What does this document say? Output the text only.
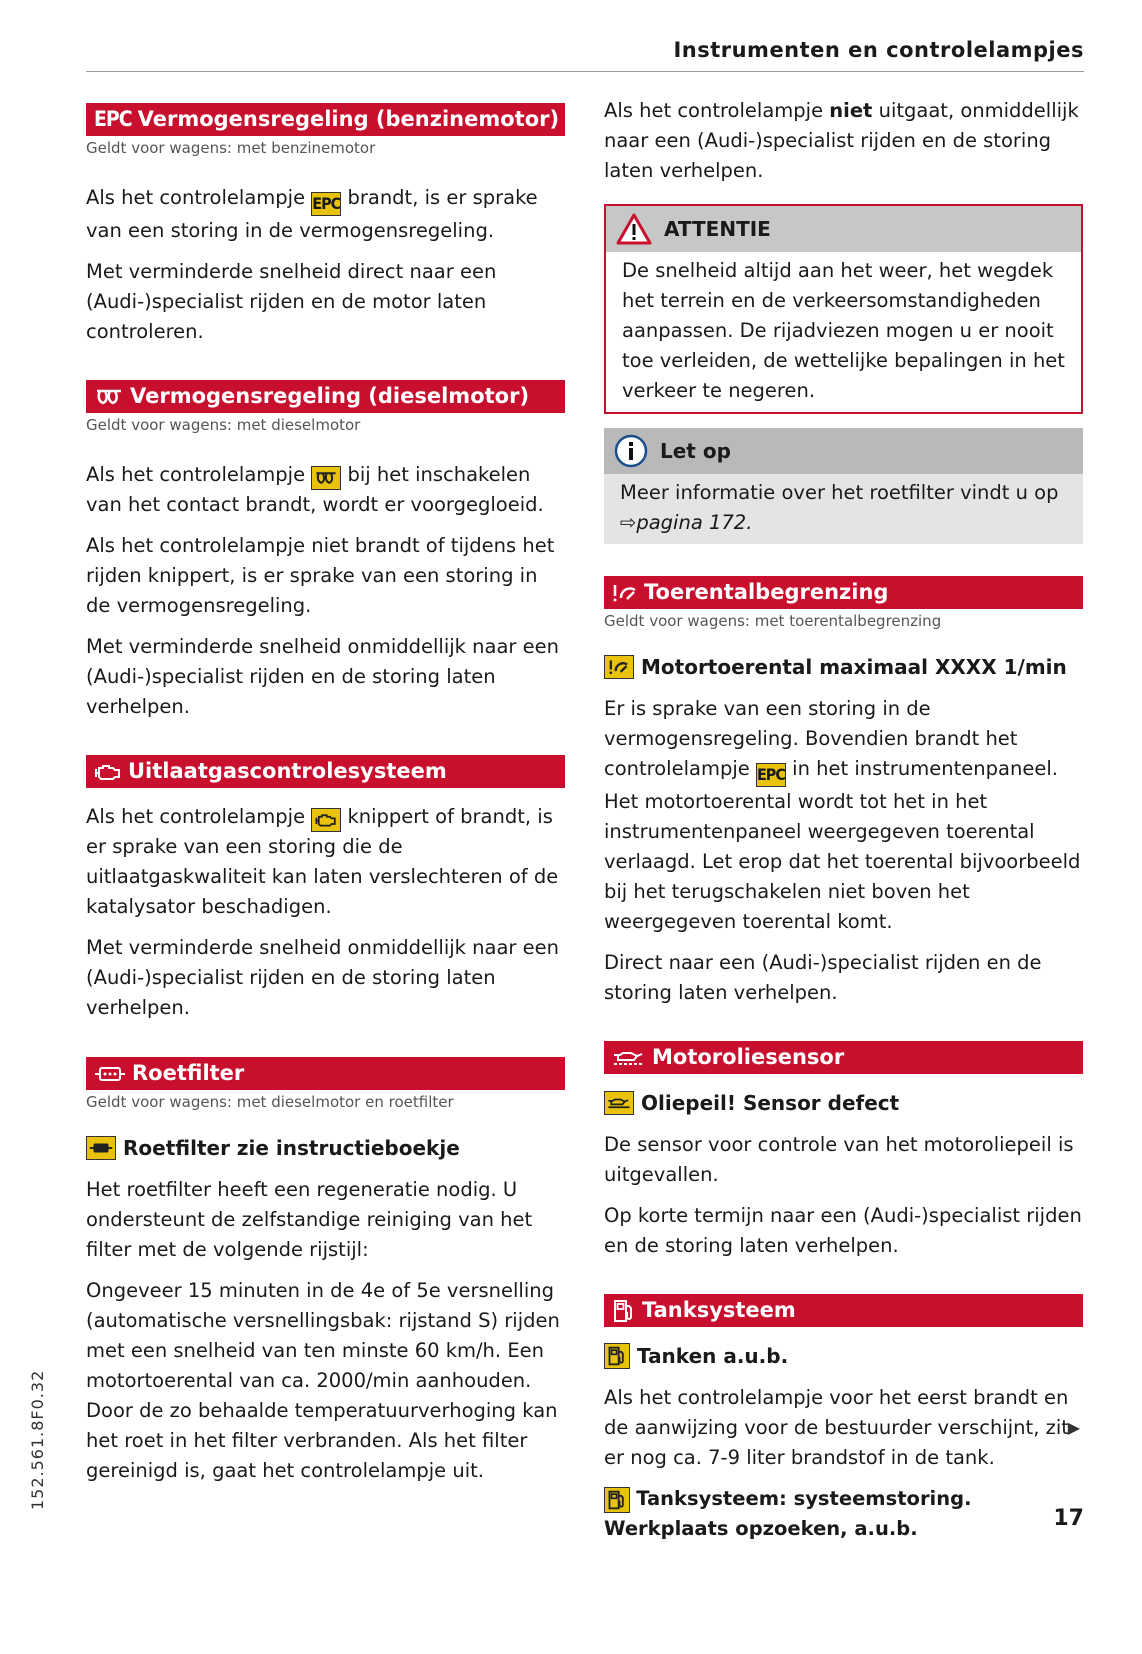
Instrumenten en controlelampjes
EPC Vermogensregeling (benzinemotor)
Geldt voor wagens: met benzinemotor

Als het controlelampje EPC brandt, is er sprake van een storing in de vermogensregeling.

Met verminderde snelheid direct naar een (Audi-)specialist rijden en de motor laten controleren.

Vermogensregeling (dieselmotor)
Geldt voor wagens: met dieselmotor

Als het controlelampje bij het inschakelen van het contact brandt, wordt er voorgegloeid.

Als het controlelampje niet brandt of tijdens het rijden knippert, is er sprake van een storing in de vermogensregeling.

Met verminderde snelheid onmiddellijk naar een (Audi-)specialist rijden en de storing laten verhelpen.

Uitlaatgascontrolesysteem

Als het controlelampje knippert of brandt, is er sprake van een storing die de uitlaatgaskwaliteit kan laten verslechteren of de katalysator beschadigen.

Met verminderde snelheid onmiddellijk naar een (Audi-)specialist rijden en de storing laten verhelpen.

Roetfilter
Geldt voor wagens: met dieselmotor en roetfilter
Roetfilter zie instructieboekje

Het roetfilter heeft een regeneratie nodig. U ondersteunt de zelfstandige reiniging van het filter met de volgende rijstijl:

Ongeveer 15 minuten in de 4e of 5e versnelling (automatische versnellingsbak: rijstand S) rijden met een snelheid van ten minste 60 km/h. Een motortoerental van ca. 2000/min aanhouden. Door de zo behaalde temperatuurverhoging kan het roet in het filter verbranden. Als het filter gereinigd is, gaat het controlelampje uit.

Als het controlelampje niet uitgaat, onmiddellijk naar een (Audi-)specialist rijden en de storing laten verhelpen.

ATTENTIE

De snelheid altijd aan het weer, het wegdek het terrein en de verkeersomstandigheden aanpassen. De rijadviezen mogen u er nooit toe verleiden, de wettelijke bepalingen in het verkeer te negeren.

Let op

Meer informatie over het roetfilter vindt u op ⇨pagina 172.

Toerentalbegrenzing
Geldt voor wagens: met toerentalbegrenzing
Motortoerental maximaal XXXX 1/min

Er is sprake van een storing in de vermogensregeling. Bovendien brandt het controlelampje EPC in het instrumentenpaneel. Het motortoerental wordt tot het in het instrumentenpaneel weergegeven toerental verlaagd. Let erop dat het toerental bijvoorbeeld bij het terugschakelen niet boven het weergegeven toerental komt.

Direct naar een (Audi-)specialist rijden en de storing laten verhelpen.

Motoroliesensor
Oliepeil! Sensor defect

De sensor voor controle van het motoroliepeil is uitgevallen.

Op korte termijn naar een (Audi-)specialist rijden en de storing laten verhelpen.

Tanksysteem
Tanken a.u.b.

Als het controlelampje voor het eerst brandt en de aanwijzing voor de bestuurder verschijnt, zit er nog ca. 7-9 liter brandstof in de tank.

Tanksysteem: systeemstoring. Werkplaats opzoeken, a.u.b.

▶
152.561.8F0.32
17
